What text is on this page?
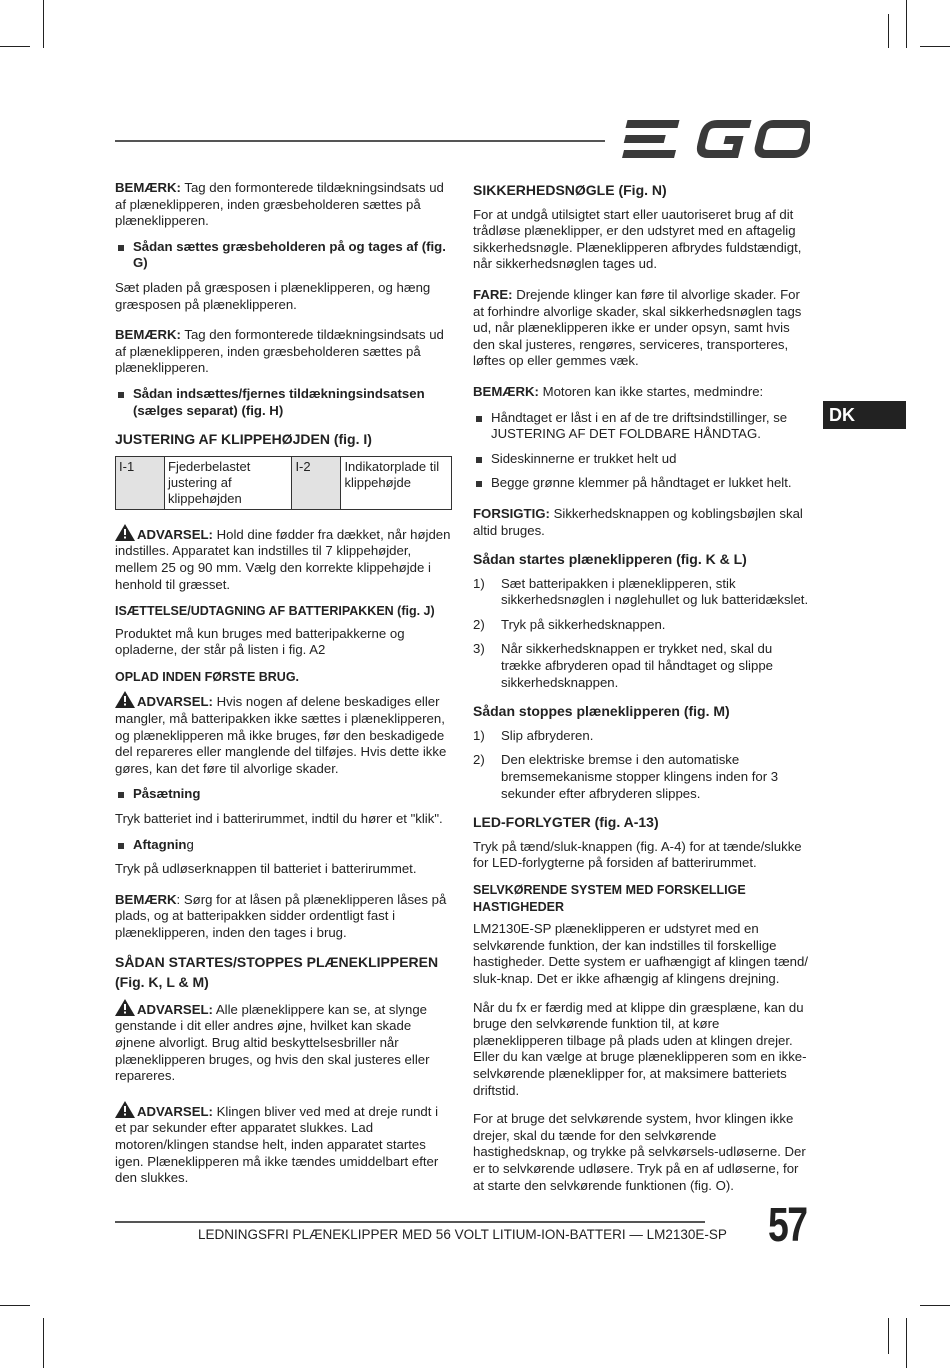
DK

BEMÆRK: Tag den formonterede tildækningsindsats ud af plæneklipperen, inden græsbeholderen sættes på plæneklipperen.

Sådan sættes græsbeholderen på og tages af (fig. G)

Sæt pladen på græsposen i plæneklipperen, og hæng græsposen på plæneklipperen.

BEMÆRK: Tag den formonterede tildækningsindsats ud af plæneklipperen, inden græsbeholderen sættes på plæneklipperen.

Sådan indsættes/fjernes tildækningsindsatsen (sælges separat) (fig. H)

JUSTERING AF KLIPPEHØJDEN (fig. I)
I-1	Fjederbelastet justering af klippehøjden	I-2	Indikatorplade til klippehøjde

ADVARSEL: Hold dine fødder fra dækket, når højden indstilles. Apparatet kan indstilles til 7 klippehøjder, mellem 25 og 90 mm. Vælg den korrekte klippehøjde i henhold til græsset.

ISÆTTELSE/UDTAGNING AF BATTERIPAKKEN (fig. J)

Produktet må kun bruges med batteripakkerne og opladerne, der står på listen i fig. A2

OPLAD INDEN FØRSTE BRUG.

ADVARSEL: Hvis nogen af delene beskadiges eller mangler, må batteripakken ikke sættes i plæneklipperen, og plæneklipperen må ikke bruges, før den beskadigede del repareres eller manglende del tilføjes. Hvis dette ikke gøres, kan det føre til alvorlige skader.

Påsætning

Tryk batteriet ind i batterirummet, indtil du hører et "klik".

Aftagning

Tryk på udløserknappen til batteriet i batterirummet.

BEMÆRK: Sørg for at låsen på plæneklipperen låses på plads, og at batteripakken sidder ordentligt fast i plæneklipperen, inden den tages i brug.

SÅDAN STARTES/STOPPES PLÆNEKLIPPEREN
(Fig. K, L & M)

ADVARSEL: Alle plæneklippere kan se, at slynge genstande i dit eller andres øjne, hvilket kan skade øjnene alvorligt. Brug altid beskyttelsesbriller når plæneklipperen bruges, og hvis den skal justeres eller repareres.

ADVARSEL: Klingen bliver ved med at dreje rundt i et par sekunder efter apparatet slukkes. Lad motoren/klingen standse helt, inden apparatet startes igen. Plæneklipperen må ikke tændes umiddelbart efter den slukkes.

SIKKERHEDSNØGLE (Fig. N)

For at undgå utilsigtet start eller uautoriseret brug af dit trådløse plæneklipper, er den udstyret med en aftagelig sikkerhedsnøgle. Plæneklipperen afbrydes fuldstændigt, når sikkerhedsnøglen tages ud.

FARE: Drejende klinger kan føre til alvorlige skader. For at forhindre alvorlige skader, skal sikkerhedsnøglen tags ud, når plæneklipperen ikke er under opsyn, samt hvis den skal justeres, rengøres, serviceres, transporteres, løftes op eller gemmes væk.

BEMÆRK: Motoren kan ikke startes, medmindre:

Håndtaget er låst i en af de tre driftsindstillinger, se JUSTERING AF DET FOLDBARE HÅNDTAG.

Sideskinnerne er trukket helt ud

Begge grønne klemmer på håndtaget er lukket helt.

FORSIGTIG: Sikkerhedsknappen og koblingsbøjlen skal altid bruges.

Sådan startes plæneklipperen (fig. K & L)
1)	Sæt batteripakken i plæneklipperen, stik sikkerhedsnøglen i nøglehullet og luk batteridækslet.
2)	Tryk på sikkerhedsknappen.
3)	Når sikkerhedsknappen er trykket ned, skal du trække afbryderen opad til håndtaget og slippe sikkerhedsknappen.
Sådan stoppes plæneklipperen (fig. M)
1)	Slip afbryderen.
2)	Den elektriske bremse i den automatiske bremsemekanisme stopper klingens inden for 3 sekunder efter afbryderen slippes.
LED-FORLYGTER (fig. A-13)

Tryk på tænd/sluk-knappen (fig. A-4) for at tænde/slukke for LED-forlygterne på forsiden af batterirummet.

SELVKØRENDE SYSTEM MED FORSKELLIGE HASTIGHEDER

LM2130E-SP plæneklipperen er udstyret med en selvkørende funktion, der kan indstilles til forskellige hastigheder. Dette system er uafhængigt af klingen tænd/ sluk-knap. Det er ikke afhængig af klingens drejning.

Når du fx er færdig med at klippe din græsplæne, kan du bruge den selvkørende funktion til, at køre plæneklipperen tilbage på plads uden at klingen drejer. Eller du kan vælge at bruge plæneklipperen som en ikke-selvkørende plæneklipper for, at maksimere batteriets driftstid.

For at bruge det selvkørende system, hvor klingen ikke drejer, skal du tænde for den selvkørende hastighedsknap, og trykke på selvkørsels-udløserne. Der er to selvkørende udløsere. Tryk på en af udløserne, for at starte den selvkørende funktionen (fig. O).

LEDNINGSFRI PLÆNEKLIPPER MED 56 VOLT LITIUM-ION-BATTERI — LM2130E-SP 57
